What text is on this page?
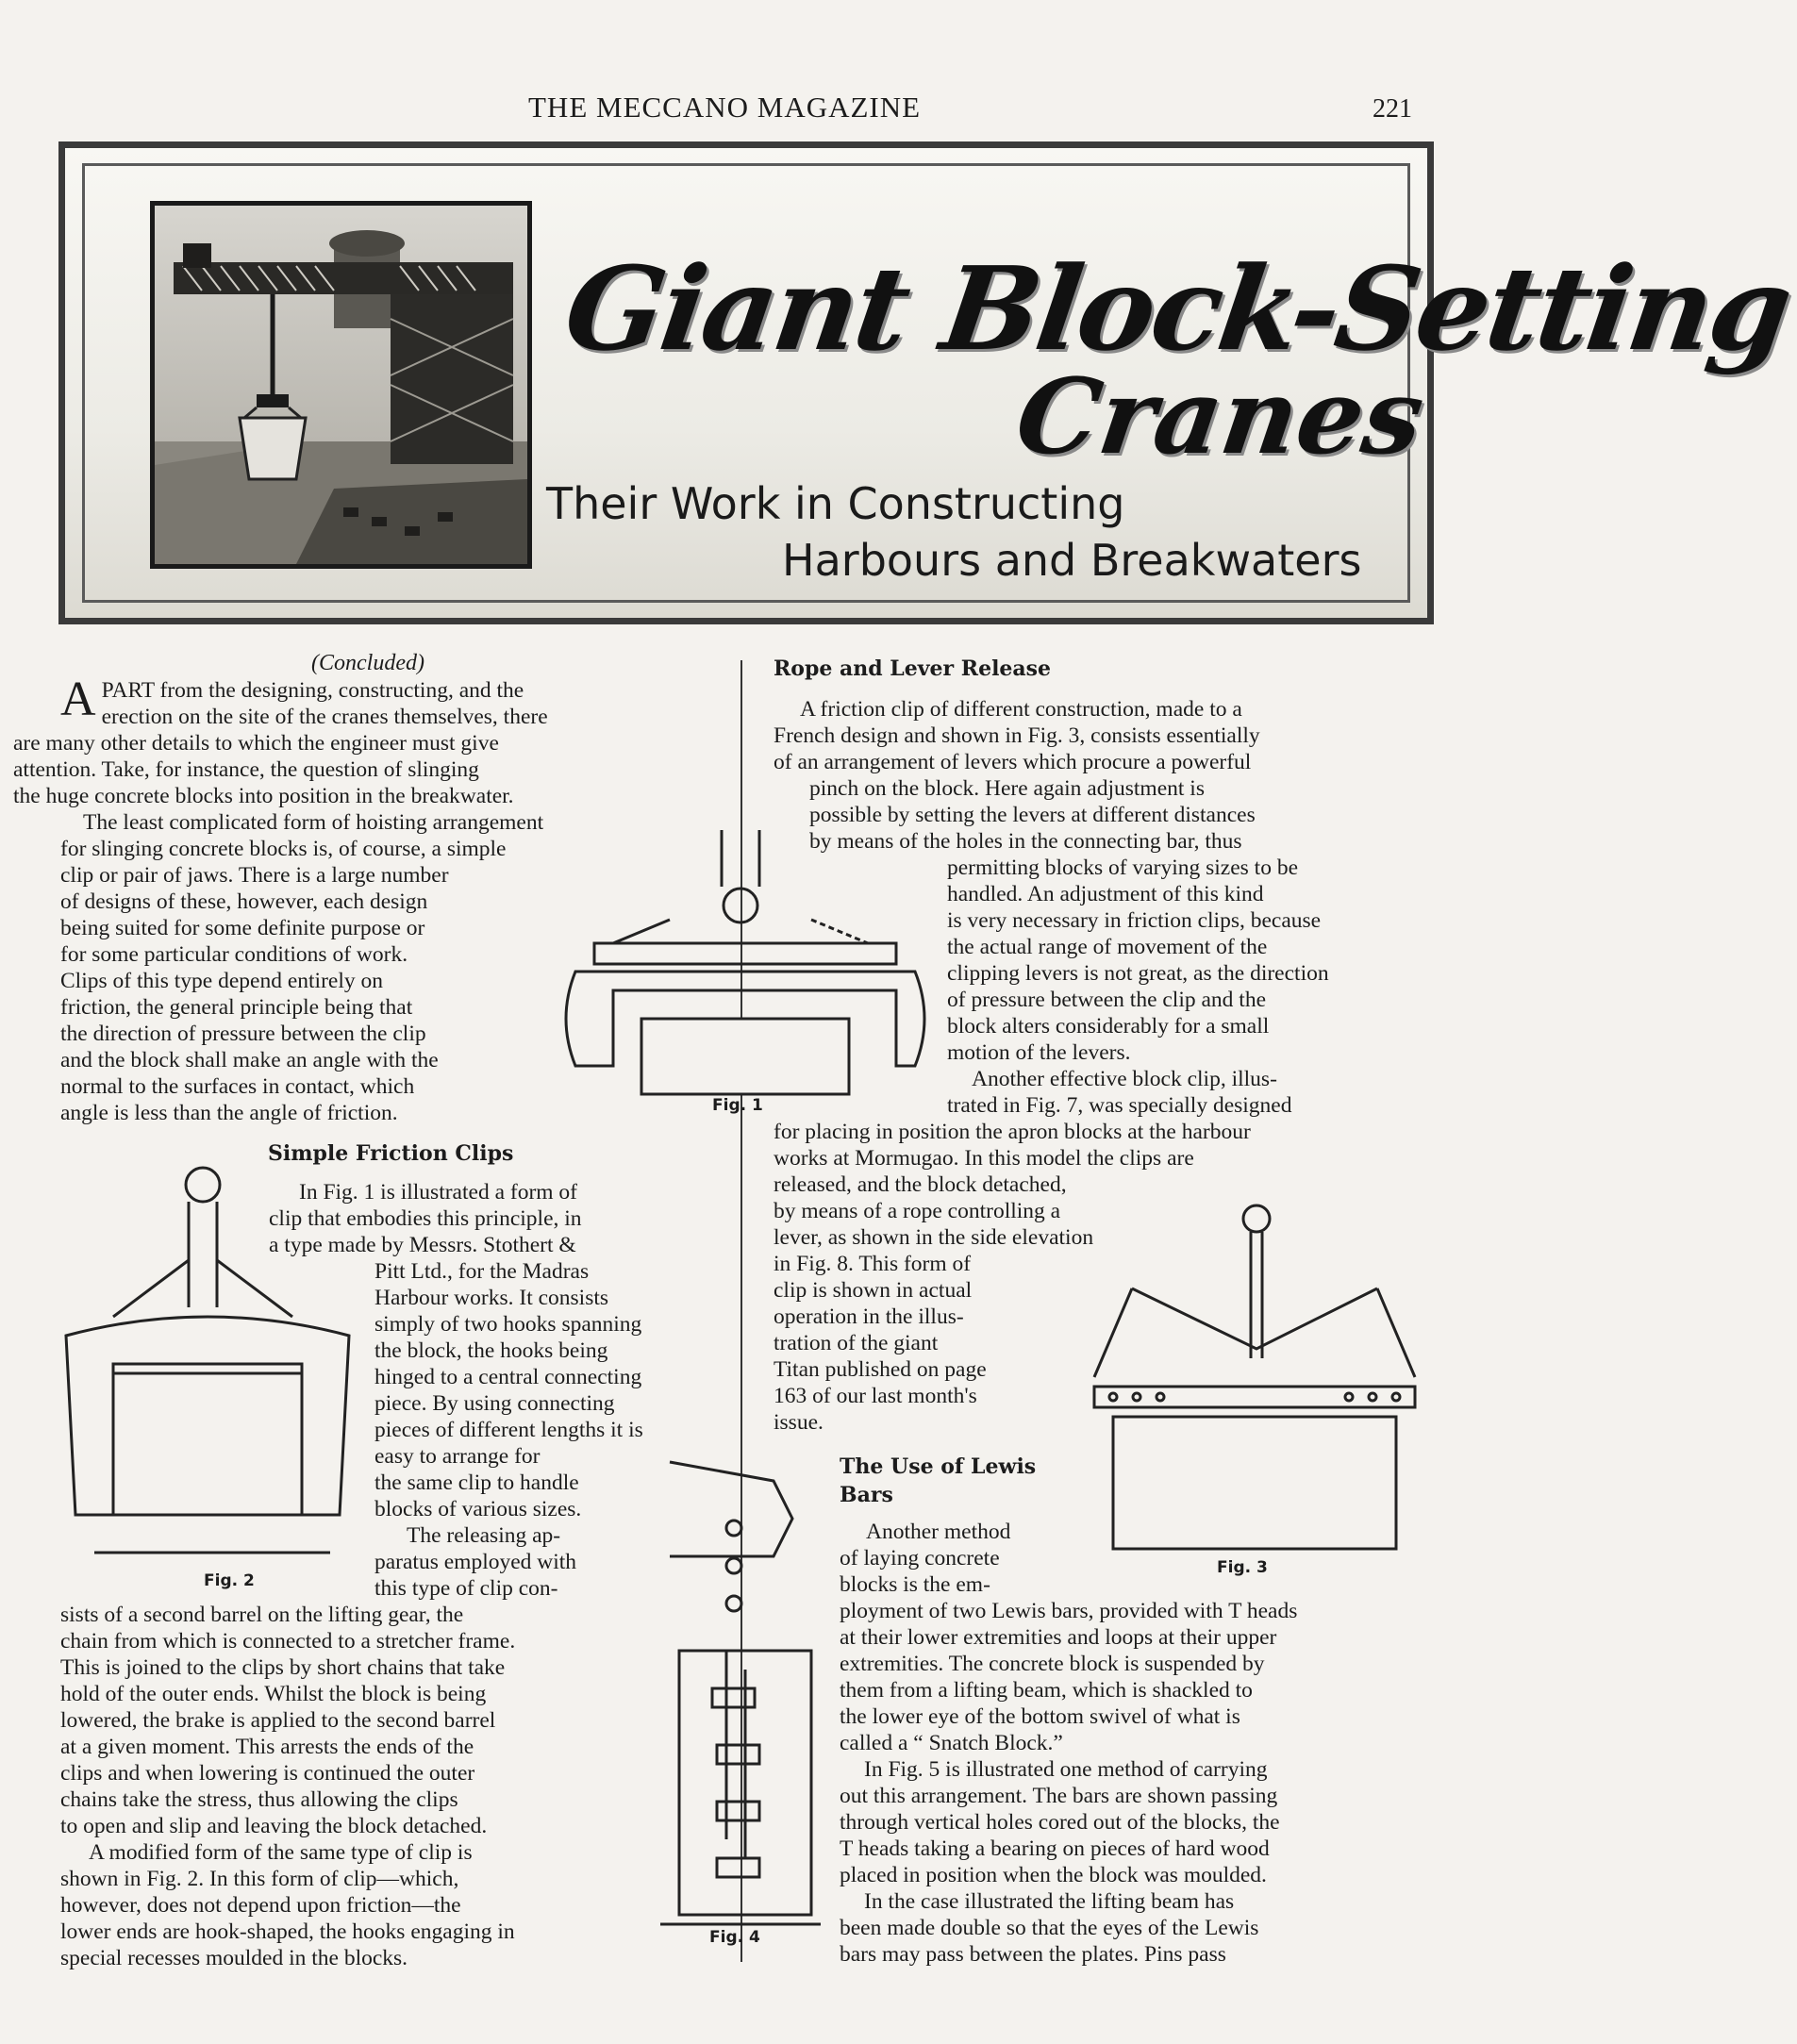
THE MECCANO MAGAZINE	221
Giant Block-Setting
Cranes
Their Work in Constructing
Harbours and Breakwaters
(Concluded)
A PART from the designing, constructing, and the
erection on the site of the cranes themselves, there
are many other details to which the engineer must give
attention. Take, for instance, the question of slinging
the huge concrete blocks into position in the breakwater.
The least complicated form of hoisting arrangement
for slinging concrete blocks is, of course, a simple
clip or pair of jaws. There is a large number
of designs of these, however, each design
being suited for some definite purpose or
for some particular conditions of work.
Clips of this type depend entirely on
friction, the general principle being that
the direction of pressure between the clip
and the block shall make an angle with the
normal to the surfaces in contact, which
angle is less than the angle of friction.
Simple Friction Clips
In Fig. 1 is illustrated a form of
clip that embodies this principle, in
a type made by Messrs. Stothert &
Pitt Ltd., for the Madras
Harbour works. It consists
simply of two hooks spanning
the block, the hooks being
hinged to a central connecting
piece. By using connecting
pieces of different lengths it is
easy to arrange for
the same clip to handle
blocks of various sizes.
The releasing ap-
paratus employed with
this type of clip con-
sists of a second barrel on the lifting gear, the
chain from which is connected to a stretcher frame.
This is joined to the clips by short chains that take
hold of the outer ends. Whilst the block is being
lowered, the brake is applied to the second barrel
at a given moment. This arrests the ends of the
clips and when lowering is continued the outer
chains take the stress, thus allowing the clips
to open and slip and leaving the block detached.
A modified form of the same type of clip is
shown in Fig. 2. In this form of clip—which,
however, does not depend upon friction—the
lower ends are hook-shaped, the hooks engaging in
special recesses moulded in the blocks.
Fig. 1
Fig. 2
Fig. 4
Rope and Lever Release
A friction clip of different construction, made to a
French design and shown in Fig. 3, consists essentially
of an arrangement of levers which procure a powerful
pinch on the block. Here again adjustment is
possible by setting the levers at different distances
by means of the holes in the connecting bar, thus
permitting blocks of varying sizes to be
handled. An adjustment of this kind
is very necessary in friction clips, because
the actual range of movement of the
clipping levers is not great, as the direction
of pressure between the clip and the
block alters considerably for a small
motion of the levers.
Another effective block clip, illus-
trated in Fig. 7, was specially designed
for placing in position the apron blocks at the harbour
works at Mormugao. In this model the clips are
released, and the block detached,
by means of a rope controlling a
lever, as shown in the side elevation
in Fig. 8. This form of
clip is shown in actual
operation in the illus-
tration of the giant
Titan published on page
163 of our last month's
issue.
Fig. 3
The Use of Lewis
Bars
Another method
of laying concrete
blocks is the em-
ployment of two Lewis bars, provided with T heads
at their lower extremities and loops at their upper
extremities. The concrete block is suspended by
them from a lifting beam, which is shackled to
the lower eye of the bottom swivel of what is
called a “ Snatch Block.”
In Fig. 5 is illustrated one method of carrying
out this arrangement. The bars are shown passing
through vertical holes cored out of the blocks, the
T heads taking a bearing on pieces of hard wood
placed in position when the block was moulded.
In the case illustrated the lifting beam has
been made double so that the eyes of the Lewis
bars may pass between the plates. Pins pass
